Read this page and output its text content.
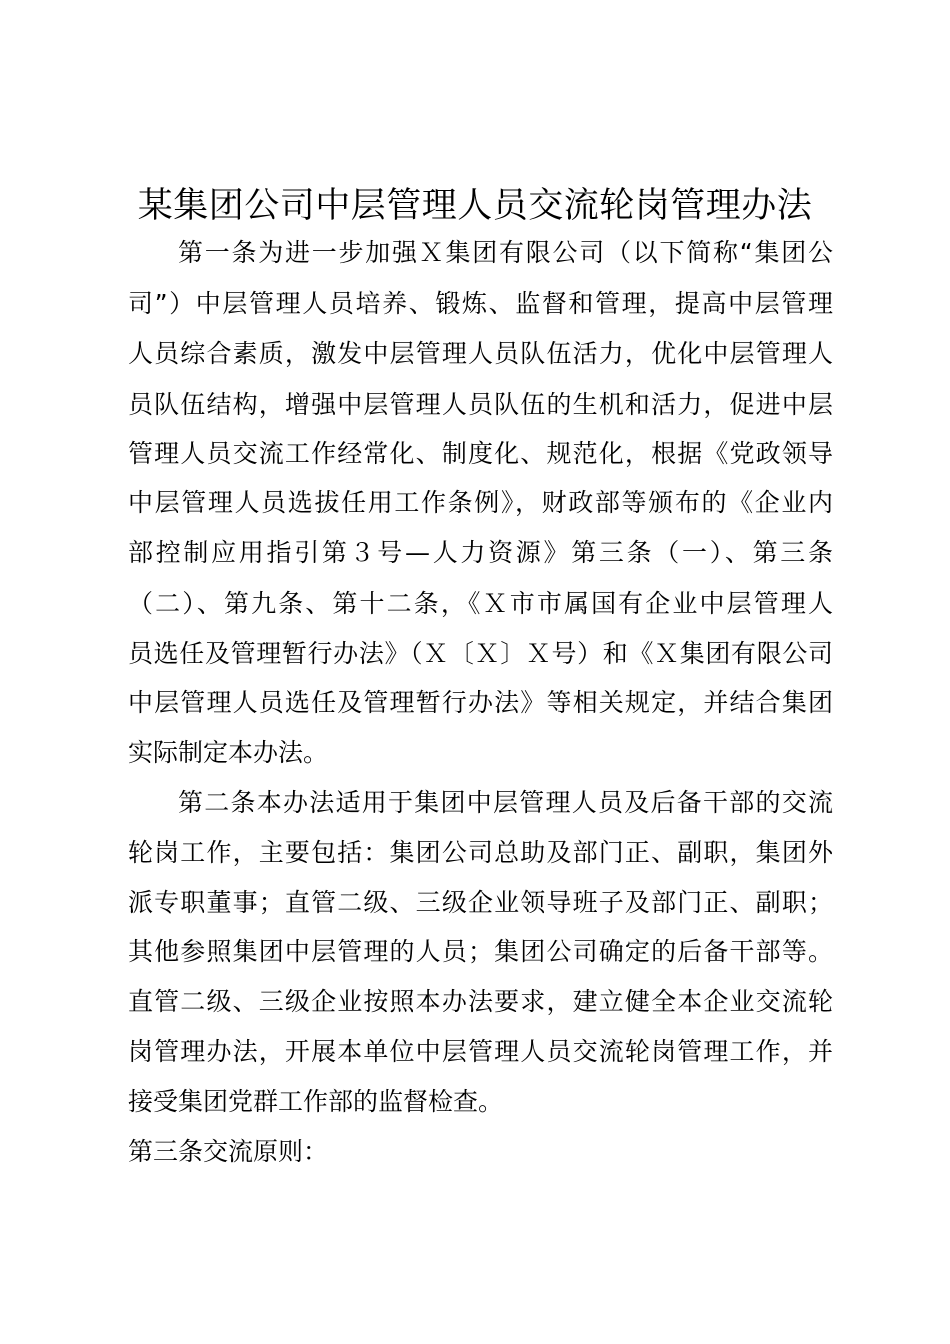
某集团公司中层管理人员交流轮岗管理办法

第一条为进一步加强Ｘ集团有限公司（以下简称“集团公

司”）中层管理人员培养、锻炼、监督和管理，提高中层管理

人员综合素质，激发中层管理人员队伍活力，优化中层管理人

员队伍结构，增强中层管理人员队伍的生机和活力，促进中层

管理人员交流工作经常化、制度化、规范化，根据《党政领导

中层管理人员选拔任用工作条例》，财政部等颁布的《企业内

部控制应用指引第３号—人力资源》第三条（一）、第三条

（二）、第九条、第十二条，《Ｘ市市属国有企业中层管理人

员选任及管理暂行办法》（Ｘ〔Ｘ〕Ｘ号）和《Ｘ集团有限公司

中层管理人员选任及管理暂行办法》等相关规定，并结合集团

实际制定本办法。

第二条本办法适用于集团中层管理人员及后备干部的交流

轮岗工作，主要包括：集团公司总助及部门正、副职，集团外

派专职董事；直管二级、三级企业领导班子及部门正、副职；

其他参照集团中层管理的人员；集团公司确定的后备干部等。

直管二级、三级企业按照本办法要求，建立健全本企业交流轮

岗管理办法，开展本单位中层管理人员交流轮岗管理工作，并

接受集团党群工作部的监督检查。

第三条交流原则：
